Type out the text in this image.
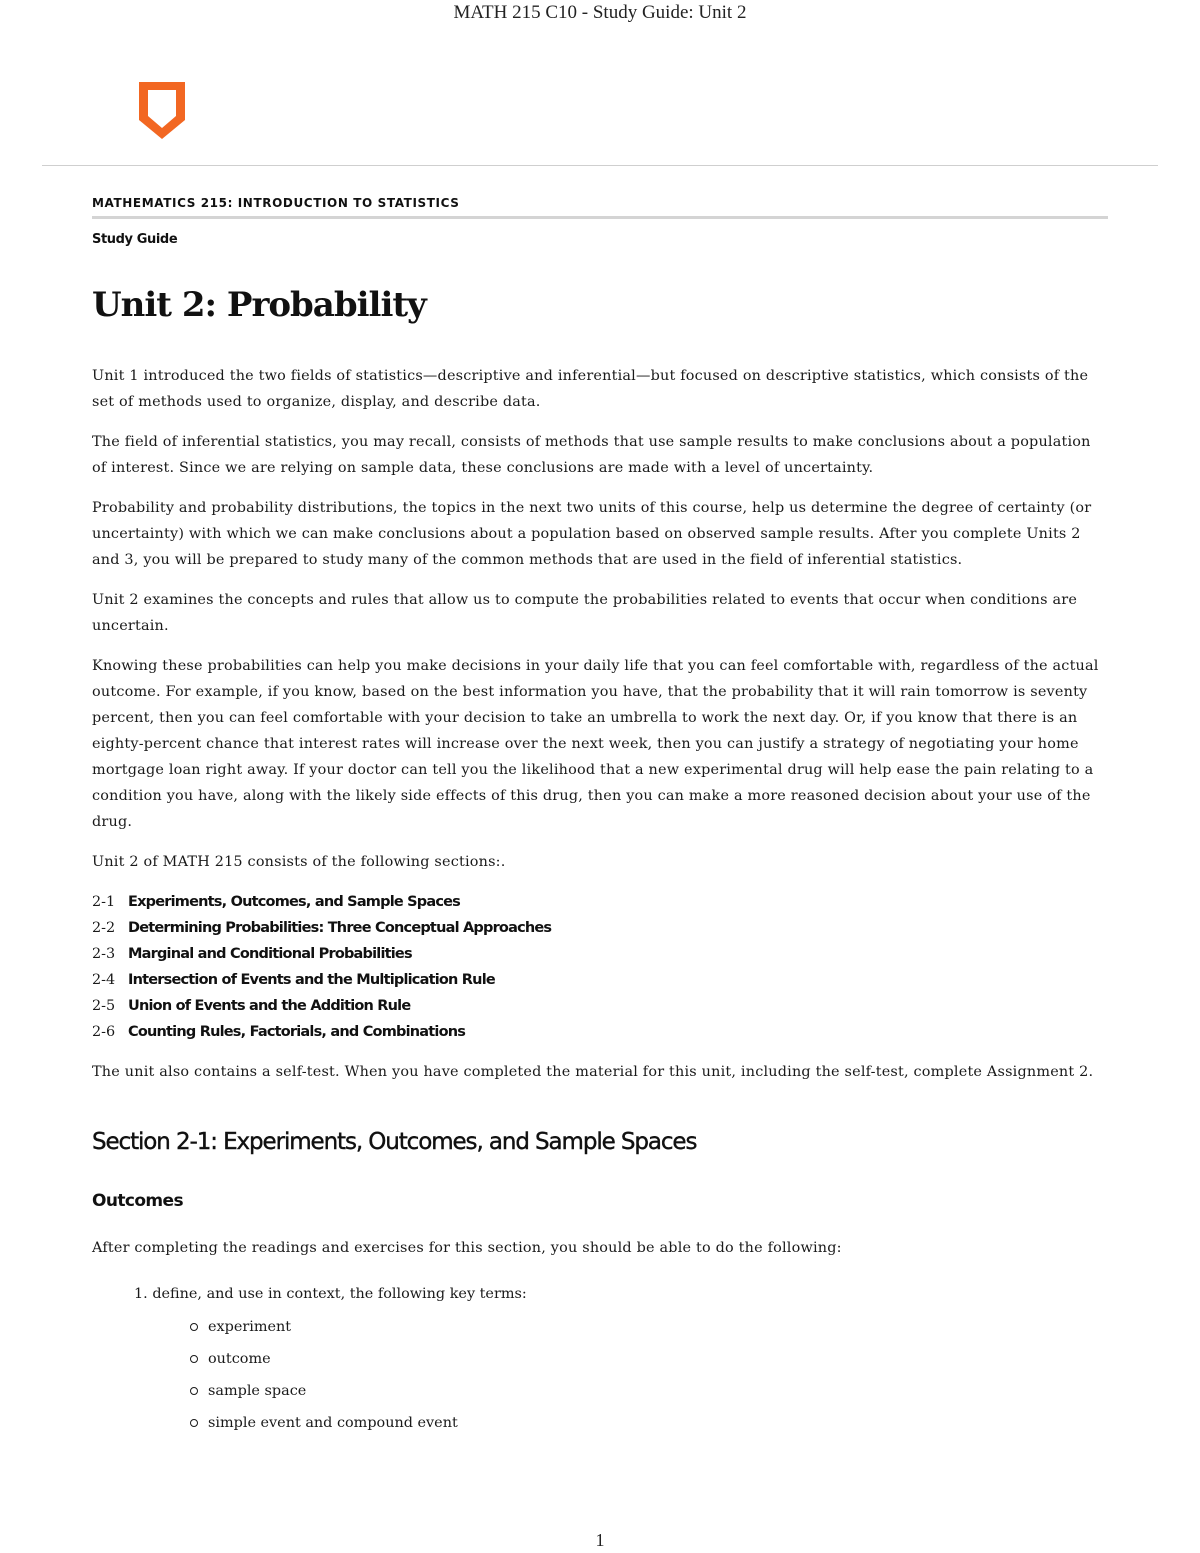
MATH 215 C10 - Study Guide: Unit 2
MATHEMATICS 215: INTRODUCTION TO STATISTICS
Study Guide
Unit 2: Probability

Unit 1 introduced the two fields of statistics—descriptive and inferential—but focused on descriptive statistics, which consists of the set of methods used to organize, display, and describe data.

The field of inferential statistics, you may recall, consists of methods that use sample results to make conclusions about a population of interest. Since we are relying on sample data, these conclusions are made with a level of uncertainty.

Probability and probability distributions, the topics in the next two units of this course, help us determine the degree of certainty (or uncertainty) with which we can make conclusions about a population based on observed sample results. After you complete Units 2 and 3, you will be prepared to study many of the common methods that are used in the field of inferential statistics.

Unit 2 examines the concepts and rules that allow us to compute the probabilities related to events that occur when conditions are uncertain.

Knowing these probabilities can help you make decisions in your daily life that you can feel comfortable with, regardless of the actual outcome. For example, if you know, based on the best information you have, that the probability that it will rain tomorrow is seventy percent, then you can feel comfortable with your decision to take an umbrella to work the next day. Or, if you know that there is an eighty-percent chance that interest rates will increase over the next week, then you can justify a strategy of negotiating your home mortgage loan right away. If your doctor can tell you the likelihood that a new experimental drug will help ease the pain relating to a condition you have, along with the likely side effects of this drug, then you can make a more reasoned decision about your use of the drug.

Unit 2 of MATH 215 consists of the following sections:.

2-1 Experiments, Outcomes, and Sample Spaces
2-2 Determining Probabilities: Three Conceptual Approaches
2-3 Marginal and Conditional Probabilities
2-4 Intersection of Events and the Multiplication Rule
2-5 Union of Events and the Addition Rule
2-6 Counting Rules, Factorials, and Combinations

The unit also contains a self-test. When you have completed the material for this unit, including the self-test, complete Assignment 2.

Section 2-1: Experiments, Outcomes, and Sample Spaces
Outcomes

After completing the readings and exercises for this section, you should be able to do the following:

1. define, and use in context, the following key terms:
experiment
outcome
sample space
simple event and compound event
1
